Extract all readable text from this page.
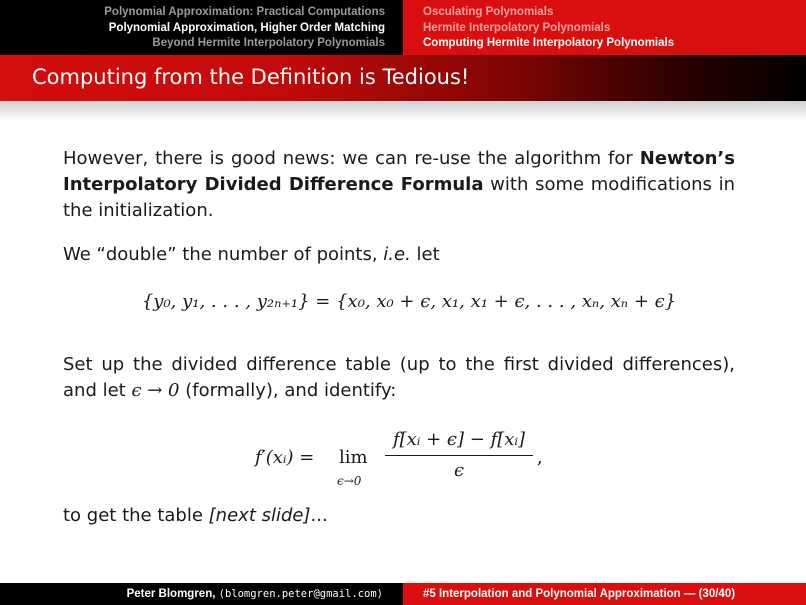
Polynomial Approximation: Practical Computations
Polynomial Approximation, Higher Order Matching
Beyond Hermite Interpolatory Polynomials
Osculating Polynomials
Hermite Interpolatory Polynomials
Computing Hermite Interpolatory Polynomials
Computing from the Definition is Tedious!

However, there is good news: we can re-use the algorithm for Newton’s Interpolatory Divided Difference Formula with some modifications in the initialization.

We “double” the number of points, i.e. let

{y₀, y₁, . . . , y₂ₙ₊₁} = {x₀, x₀ + ϵ, x₁, x₁ + ϵ, . . . , xₙ, xₙ + ϵ}

Set up the divided difference table (up to the first divided differences), and let ϵ → 0 (formally), and identify:

f′(xᵢ) = lim
ϵ→0
f[xᵢ + ϵ] − f[xᵢ]
ϵ
,

to get the table [next slide]...

Peter Blomgren, ⟨blomgren.peter@gmail.com⟩	#5 Interpolation and Polynomial Approximation — (30/40)
